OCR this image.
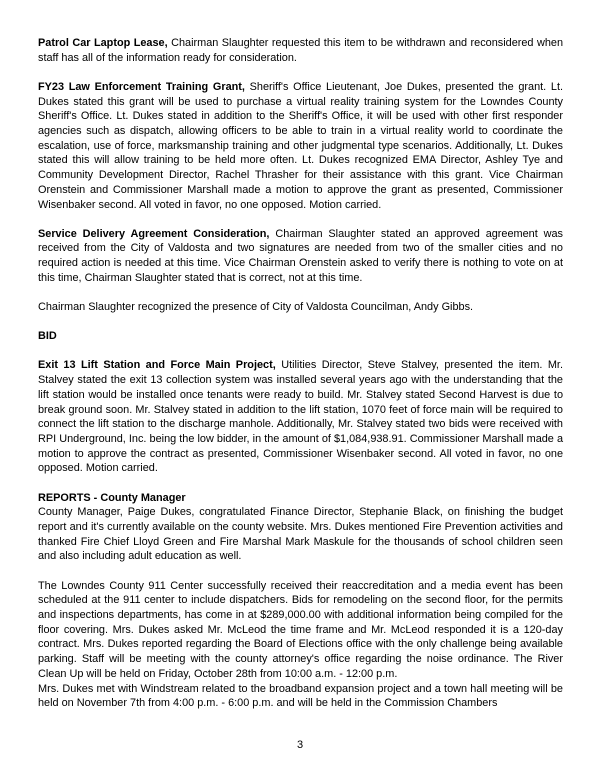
Patrol Car Laptop Lease, Chairman Slaughter requested this item to be withdrawn and reconsidered when staff has all of the information ready for consideration.

FY23 Law Enforcement Training Grant, Sheriff's Office Lieutenant, Joe Dukes, presented the grant. Lt. Dukes stated this grant will be used to purchase a virtual reality training system for the Lowndes County Sheriff's Office. Lt. Dukes stated in addition to the Sheriff's Office, it will be used with other first responder agencies such as dispatch, allowing officers to be able to train in a virtual reality world to coordinate the escalation, use of force, marksmanship training and other judgmental type scenarios. Additionally, Lt. Dukes stated this will allow training to be held more often. Lt. Dukes recognized EMA Director, Ashley Tye and Community Development Director, Rachel Thrasher for their assistance with this grant. Vice Chairman Orenstein and Commissioner Marshall made a motion to approve the grant as presented, Commissioner Wisenbaker second. All voted in favor, no one opposed. Motion carried.

Service Delivery Agreement Consideration, Chairman Slaughter stated an approved agreement was received from the City of Valdosta and two signatures are needed from two of the smaller cities and no required action is needed at this time. Vice Chairman Orenstein asked to verify there is nothing to vote on at this time, Chairman Slaughter stated that is correct, not at this time.

Chairman Slaughter recognized the presence of City of Valdosta Councilman, Andy Gibbs.

BID

Exit 13 Lift Station and Force Main Project, Utilities Director, Steve Stalvey, presented the item. Mr. Stalvey stated the exit 13 collection system was installed several years ago with the understanding that the lift station would be installed once tenants were ready to build. Mr. Stalvey stated Second Harvest is due to break ground soon. Mr. Stalvey stated in addition to the lift station, 1070 feet of force main will be required to connect the lift station to the discharge manhole. Additionally, Mr. Stalvey stated two bids were received with RPI Underground, Inc. being the low bidder, in the amount of $1,084,938.91. Commissioner Marshall made a motion to approve the contract as presented, Commissioner Wisenbaker second. All voted in favor, no one opposed. Motion carried.

REPORTS - County Manager

County Manager, Paige Dukes, congratulated Finance Director, Stephanie Black, on finishing the budget report and it's currently available on the county website. Mrs. Dukes mentioned Fire Prevention activities and thanked Fire Chief Lloyd Green and Fire Marshal Mark Maskule for the thousands of school children seen and also including adult education as well.

The Lowndes County 911 Center successfully received their reaccreditation and a media event has been scheduled at the 911 center to include dispatchers. Bids for remodeling on the second floor, for the permits and inspections departments, has come in at $289,000.00 with additional information being compiled for the floor covering. Mrs. Dukes asked Mr. McLeod the time frame and Mr. McLeod responded it is a 120-day contract. Mrs. Dukes reported regarding the Board of Elections office with the only challenge being available parking. Staff will be meeting with the county attorney's office regarding the noise ordinance. The River Clean Up will be held on Friday, October 28th from 10:00 a.m. - 12:00 p.m.

Mrs. Dukes met with Windstream related to the broadband expansion project and a town hall meeting will be held on November 7th from 4:00 p.m. - 6:00 p.m. and will be held in the Commission Chambers

3
